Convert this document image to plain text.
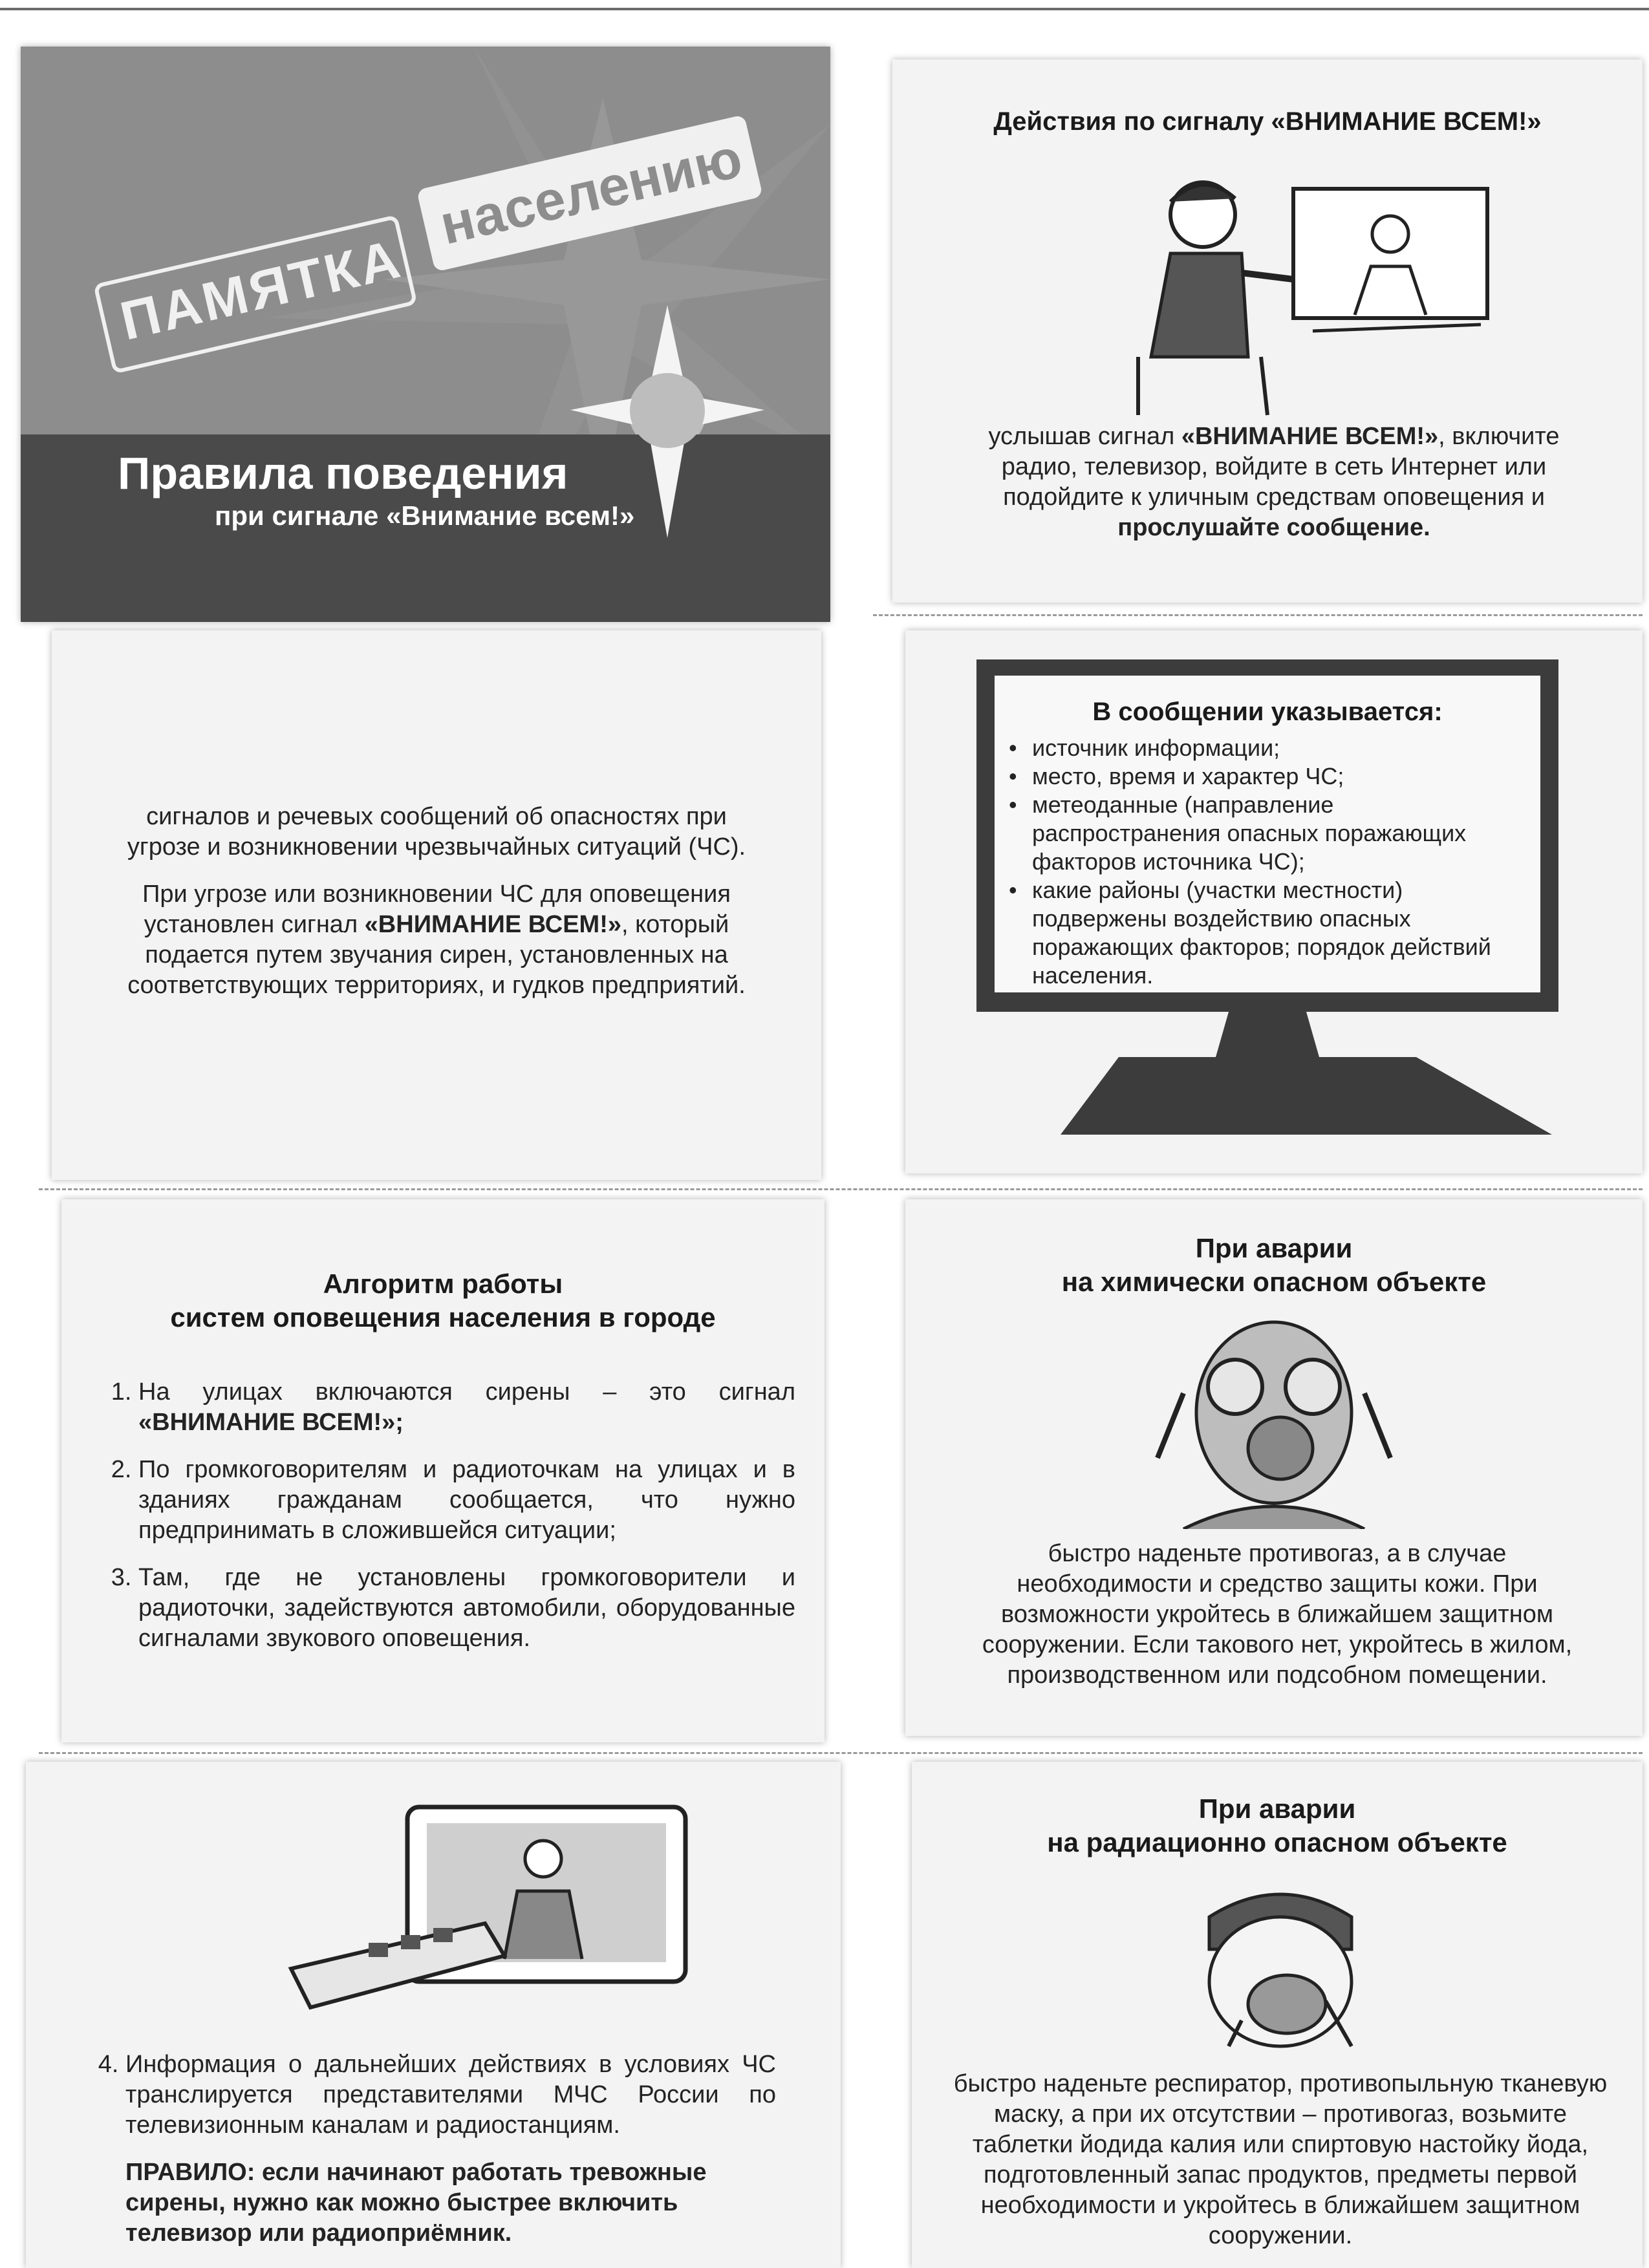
ПАМЯТКА
населению
Правила поведения
при сигнале «Внимание всем!»
Действия по сигналу «ВНИМАНИЕ ВСЕМ!»
услышав сигнал «ВНИМАНИЕ ВСЕМ!», включите радио, телевизор, войдите в сеть Интернет или подойдите к уличным средствам оповещения и прослушайте сообщение.

сигналов и речевых сообщений об опасностях при угрозе и возникновении чрезвычайных ситуаций (ЧС).

При угрозе или возникновении ЧС для оповещения установлен сигнал «ВНИМАНИЕ ВСЕМ!», который подается путем звучания сирен, установленных на соответствующих территориях, и гудков предприятий.

В сообщении указывается:
• источник информации;
• место, время и характер ЧС;
• метеоданные (направление распространения опасных поражающих факторов источника ЧС);
• какие районы (участки местности) подвержены воздействию опасных поражающих факторов; порядок действий населения.
Алгоритм работы
систем оповещения населения в городе
1. На улицах включаются сирены – это сигнал «ВНИМАНИЕ ВСЕМ!»;
2. По громкоговорителям и радиоточкам на улицах и в зданиях гражданам сообщается, что нужно предпринимать в сложившейся ситуации;
3. Там, где не установлены громкоговорители и радиоточки, задействуются автомобили, оборудованные сигналами звукового оповещения.
При аварии
на химически опасном объекте
быстро наденьте противогаз, а в случае необходимости и средство защиты кожи. При возможности укройтесь в ближайшем защитном сооружении. Если такового нет, укройтесь в жилом, производственном или подсобном помещении.
4. Информация о дальнейших действиях в условиях ЧС транслируется представителями МЧС России по телевизионным каналам и радиостанциям.
ПРАВИЛО: если начинают работать тревожные сирены, нужно как можно быстрее включить телевизор или радиоприёмник.
При аварии
на радиационно опасном объекте
быстро наденьте респиратор, противопыльную тканевую маску, а при их отсутствии – противогаз, возьмите таблетки йодида калия или спиртовую настойку йода, подготовленный запас продуктов, предметы первой необходимости и укройтесь в ближайшем защитном сооружении.
